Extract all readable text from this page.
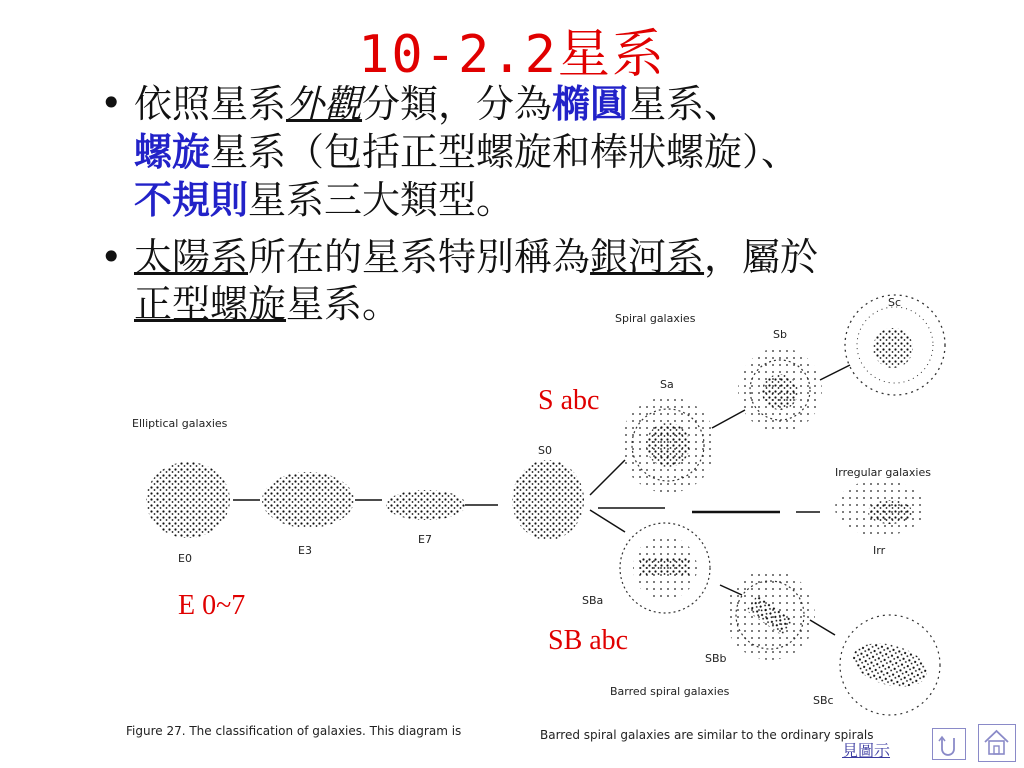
10-2.2星系
• 依照星系外觀分類，分為橢圓星系、
螺旋星系（包括正型螺旋和棒狀螺旋）、
不規則星系三大類型。
• 太陽系所在的星系特別稱為銀河系，屬於
正型螺旋星系。	Spiral galaxies
Elliptical galaxies
Irregular galaxies
Barred spiral galaxies
E0
E3
E7
S0
Sa
Sb
SBa
SBb
SBc
Irr
Sc
S abc
E 0~7
SB abc
Figure 27. The classification of galaxies. This diagram is	Barred spiral galaxies are similar to the ordinary spirals
見圖示
